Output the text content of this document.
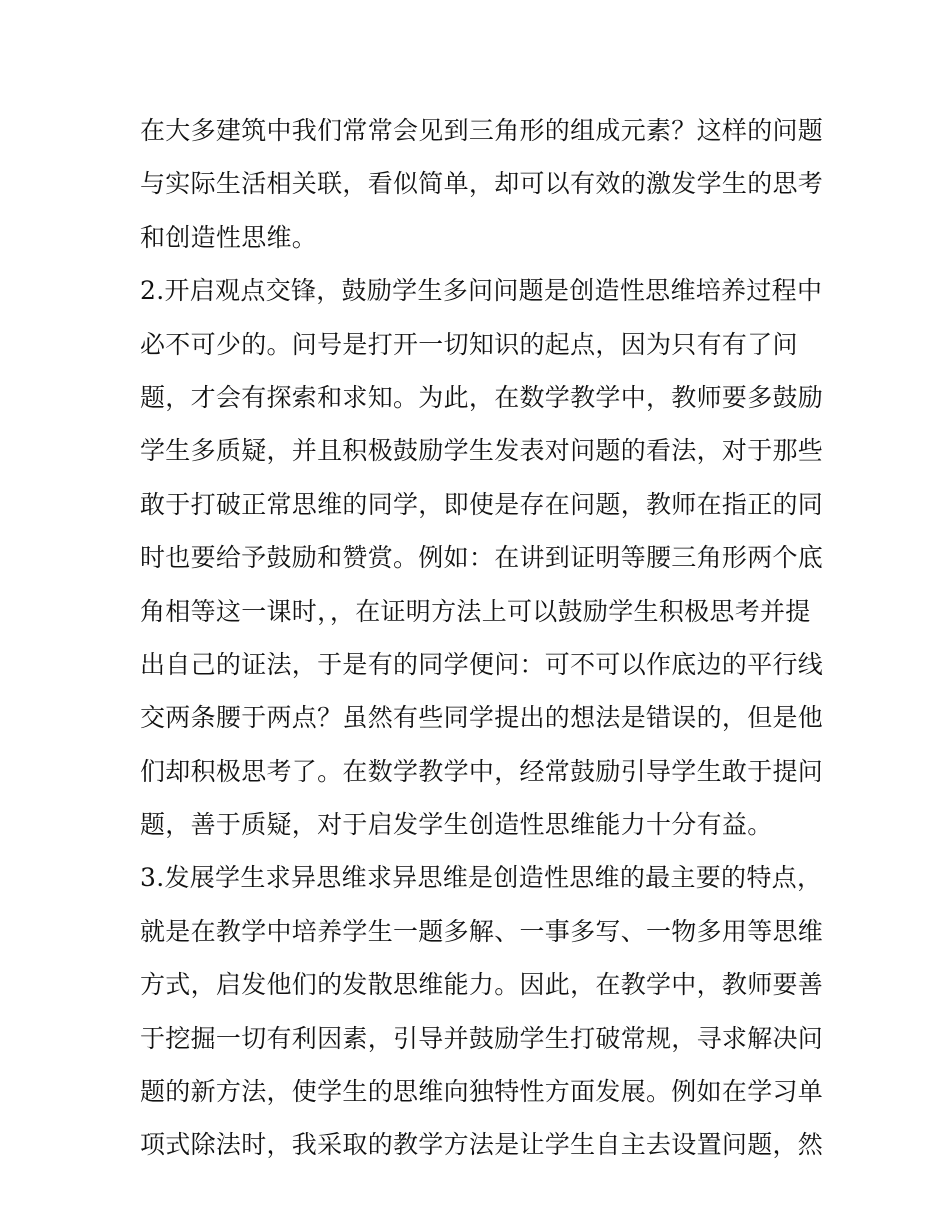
在大多建筑中我们常常会见到三角形的组成元素？这样的问题
与实际生活相关联，看似简单，却可以有效的激发学生的思考
和创造性思维。
2.开启观点交锋，鼓励学生多问问题是创造性思维培养过程中
必不可少的。问号是打开一切知识的起点，因为只有有了问
题，才会有探索和求知。为此，在数学教学中，教师要多鼓励
学生多质疑，并且积极鼓励学生发表对问题的看法，对于那些
敢于打破正常思维的同学，即使是存在问题，教师在指正的同
时也要给予鼓励和赞赏。例如：在讲到证明等腰三角形两个底
角相等这一课时，，在证明方法上可以鼓励学生积极思考并提
出自己的证法，于是有的同学便问：可不可以作底边的平行线
交两条腰于两点？虽然有些同学提出的想法是错误的，但是他
们却积极思考了。在数学教学中，经常鼓励引导学生敢于提问
题，善于质疑，对于启发学生创造性思维能力十分有益。
3.发展学生求异思维求异思维是创造性思维的最主要的特点，
就是在教学中培养学生一题多解、一事多写、一物多用等思维
方式，启发他们的发散思维能力。因此，在教学中，教师要善
于挖掘一切有利因素，引导并鼓励学生打破常规，寻求解决问
题的新方法，使学生的思维向独特性方面发展。例如在学习单
项式除法时，我采取的教学方法是让学生自主去设置问题，然
